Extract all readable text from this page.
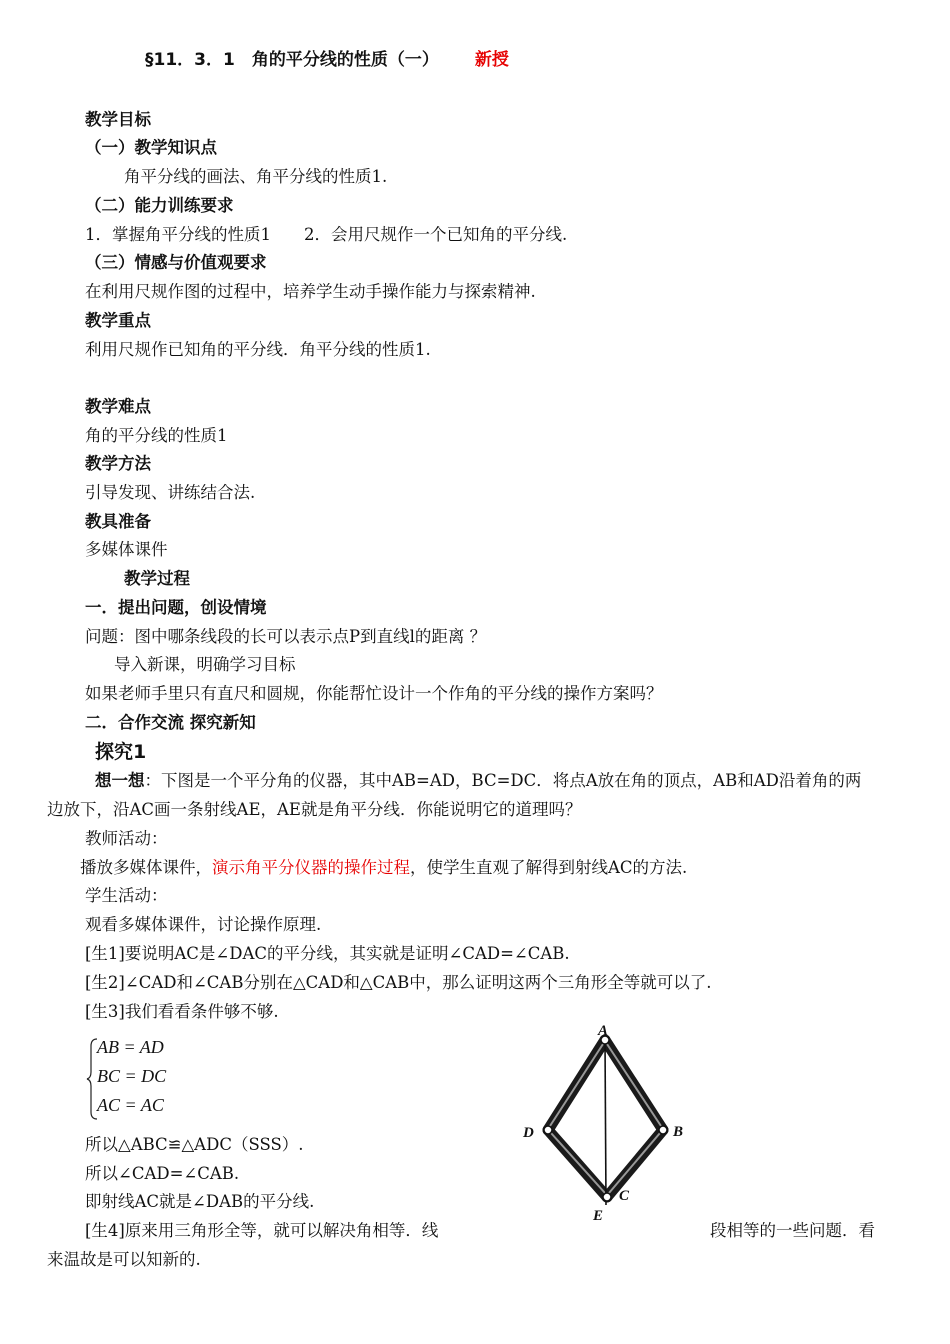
§11．3．1　角的平分线的性质（一） 新授
教学目标
（一）教学知识点
角平分线的画法、角平分线的性质1.
（二）能力训练要求
1．掌握角平分线的性质1　　2．会用尺规作一个已知角的平分线.
（三）情感与价值观要求
在利用尺规作图的过程中，培养学生动手操作能力与探索精神.
教学重点
利用尺规作已知角的平分线．角平分线的性质1.
教学难点
角的平分线的性质1
教学方法
引导发现、讲练结合法.
教具准备
多媒体课件
教学过程
一．提出问题，创设情境
问题：图中哪条线段的长可以表示点P到直线l的距离 ？
导入新课，明确学习目标
如果老师手里只有直尺和圆规，你能帮忙设计一个作角的平分线的操作方案吗？
二．合作交流 探究新知
探究1
想一想：下图是一个平分角的仪器，其中AB=AD，BC=DC．将点A放在角的顶点，AB和AD沿着角的两
边放下，沿AC画一条射线AE，AE就是角平分线．你能说明它的道理吗？
教师活动：
播放多媒体课件，演示角平分仪器的操作过程，使学生直观了解得到射线AC的方法.
学生活动：
观看多媒体课件，讨论操作原理.
[生1]要说明AC是∠DAC的平分线，其实就是证明∠CAD=∠CAB.
[生2]∠CAD和∠CAB分别在△CAD和△CAB中，那么证明这两个三角形全等就可以了.
[生3]我们看看条件够不够.
AB = AD
BC = DC
AC = AC
所以△ABC≌△ADC（SSS）.
所以∠CAD=∠CAB.
即射线AC就是∠DAB的平分线.
[生4]原来用三角形全等，就可以解决角相等．线	段相等的一些问题．看
来温故是可以知新的.
A
B
C
D
E
